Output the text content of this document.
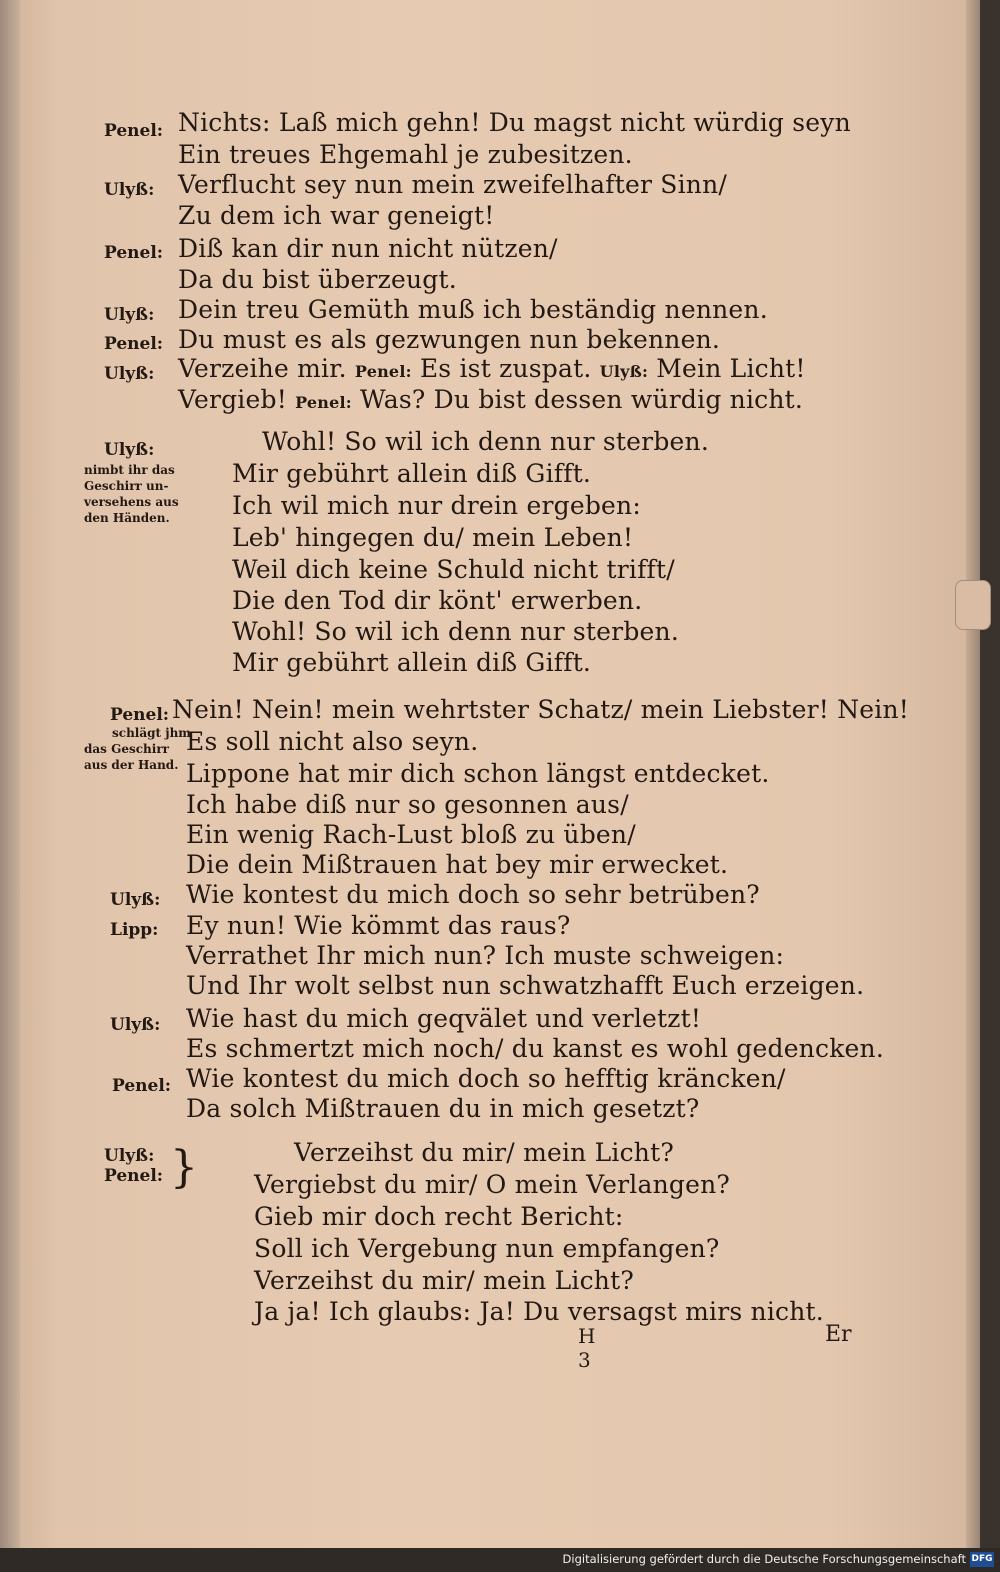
Penel: Nichts: Laß mich gehn! Du magst nicht würdig seyn
Ein treues Ehgemahl je zubesitzen.
Ulyß: Verflucht sey nun mein zweifelhafter Sinn/
Zu dem ich war geneigt!
Penel: Diß kan dir nun nicht nützen/
Da du bist überzeugt.
Ulyß: Dein treu Gemüth muß ich beständig nennen.
Penel: Du must es als gezwungen nun bekennen.
Ulyß: Verzeihe mir. Penel: Es ist zuspat. Ulyß: Mein Licht!
Vergieb! Penel: Was? Du bist dessen würdig nicht.
Ulyß:
nimbt ihr das
Geschirr un-
versehens aus
den Händen.
Wohl! So wil ich denn nur sterben.
Mir gebührt allein diß Gifft.
Ich wil mich nur drein ergeben:
Leb' hingegen du/ mein Leben!
Weil dich keine Schuld nicht trifft/
Die den Tod dir könt' erwerben.
Wohl! So wil ich denn nur sterben.
Mir gebührt allein diß Gifft.
Penel:
schlägt jhm
das Geschirr
aus der Hand.
Nein! Nein! mein wehrtster Schatz/ mein Liebster! Nein!
Es soll nicht also seyn.
Lippone hat mir dich schon längst entdecket.
Ich habe diß nur so gesonnen aus/
Ein wenig Rach-Lust bloß zu üben/
Die dein Mißtrauen hat bey mir erwecket.
Ulyß: Wie kontest du mich doch so sehr betrüben?
Lipp: Ey nun! Wie kömmt das raus?
Verrathet Ihr mich nun? Ich muste schweigen:
Und Ihr wolt selbst nun schwatzhafft Euch erzeigen.
Ulyß: Wie hast du mich geqvälet und verletzt!
Es schmertzt mich noch/ du kanst es wohl gedencken.
Penel: Wie kontest du mich doch so hefftig kräncken/
Da solch Mißtrauen du in mich gesetzt?
Ulyß: Penel: }	Verzeihst du mir/ mein Licht?
Vergiebst du mir/ O mein Verlangen?
Gieb mir doch recht Bericht:
Soll ich Vergebung nun empfangen?
Verzeihst du mir/ mein Licht?
Ja ja! Ich glaubs: Ja! Du versagst mirs nicht.
H 3
Er
Digitalisierung gefördert durch die Deutsche Forschungsgemeinschaft DFG
